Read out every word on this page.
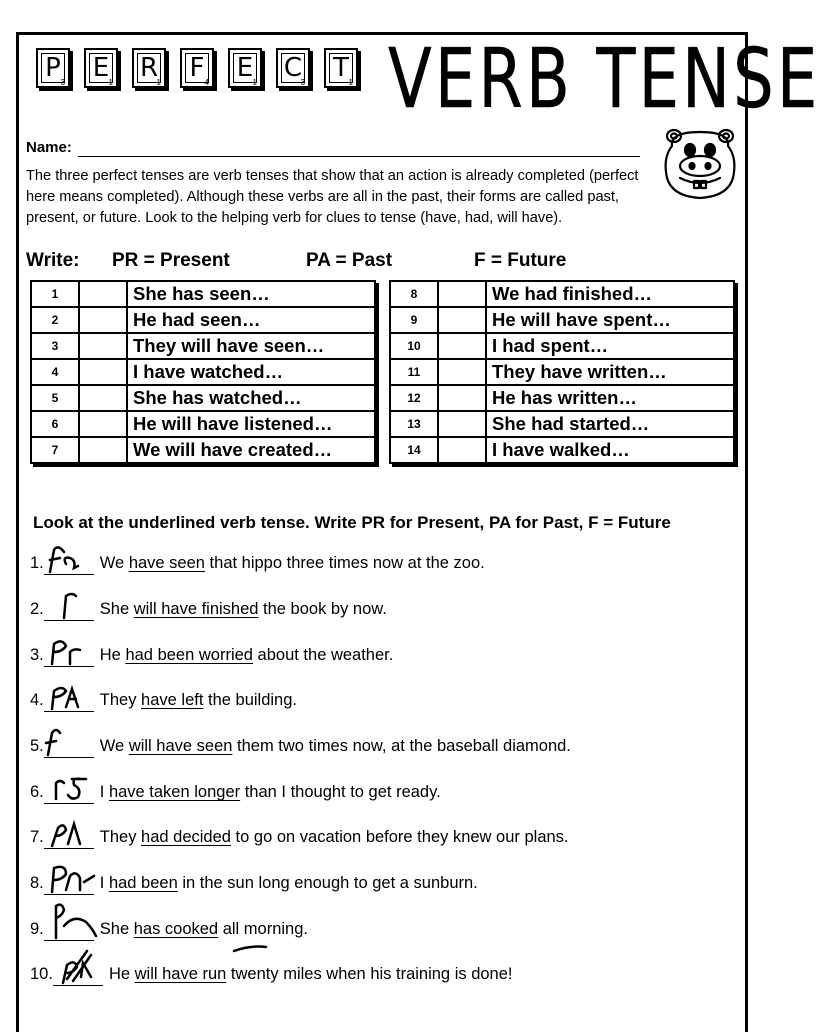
P 3 E 1 R
1 F 4 E 1 C
3 T 1 VERB TENSE
Name:
The three perfect tenses are verb tenses that show that an action is already completed (perfect here means completed). Although these verbs are all in the past, their forms are called past, present, or future. Look to the helping verb for clues to tense (have, had, will have).
Write: PR = Present	PA = Past	F = Future
1		She has seen…
2		He had seen…
3		They will have seen…
4		I have watched…
5		She has watched…
6		He will have listened…
7		We will have created…
8		We had finished…
9		He will have spent…
10		I had spent…
11		They have written…
12		He has written…
13		She had started…
14		I have walked…
Look at the underlined verb tense. Write PR for Present, PA for Past, F = Future
1.	We have seen that hippo three times now at the zoo.
2.	She will have finished the book by now.
3.	He had been worried about the weather.
4.	They have left the building.
5.	We will have seen them two times now, at the baseball diamond.
6.	I have taken longer than I thought to get ready.
7.	They had decided to go on vacation before they knew our plans.
8.	I had been in the sun long enough to get a sunburn.
9.	She has cooked all morning.
10.	He will have run twenty miles when his training is done!
